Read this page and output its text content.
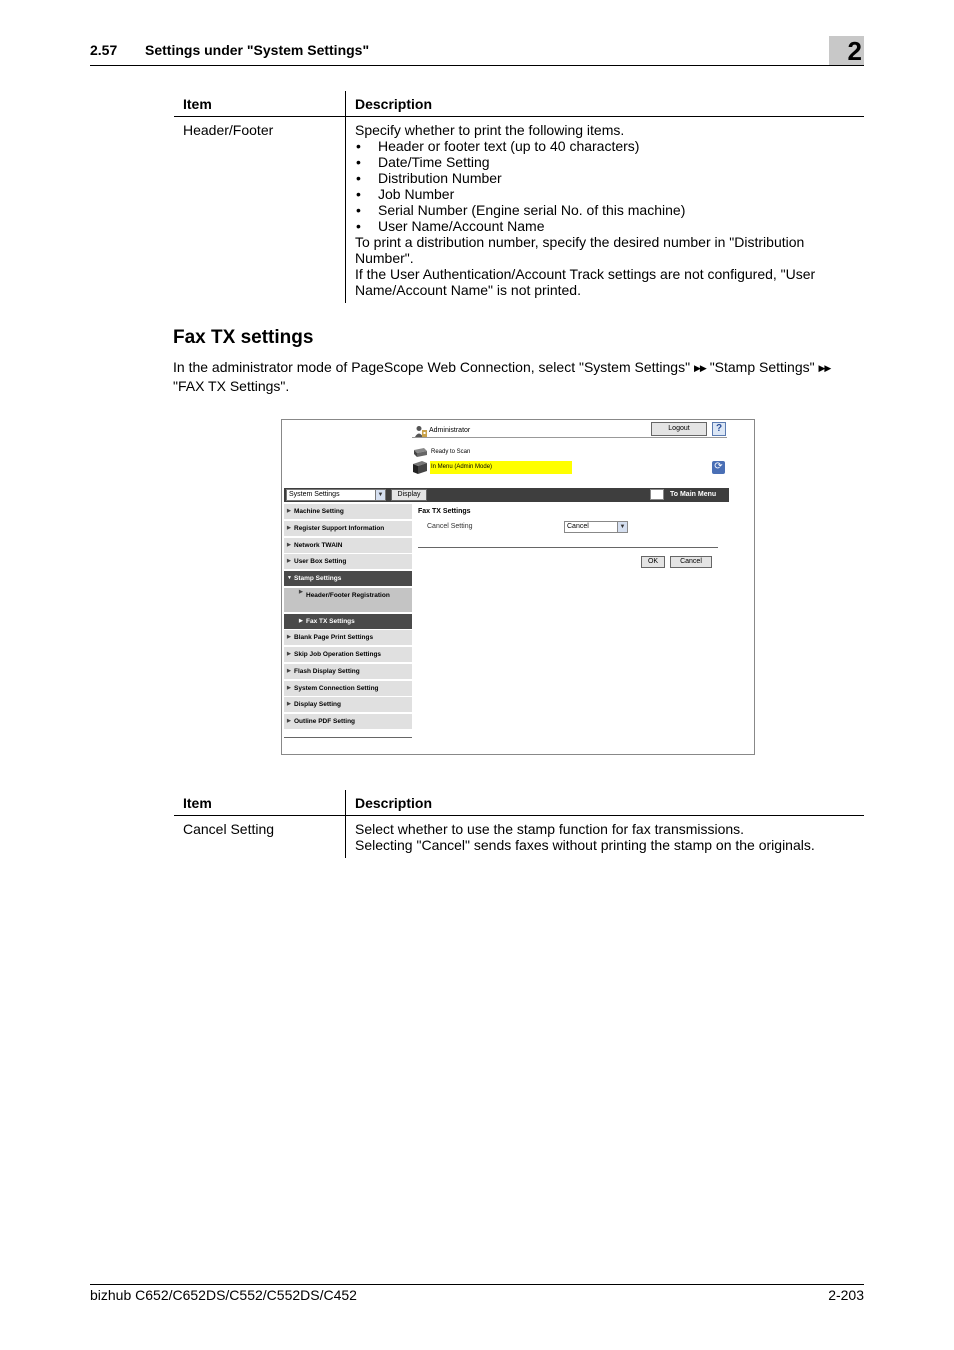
2.57 Settings under "System Settings"	2
Item	Description
Header/Footer	Specify whether to print the following items.
• Header or footer text (up to 40 characters)
• Date/Time Setting
• Distribution Number
• Job Number
• Serial Number (Engine serial No. of this machine)
• User Name/Account Name
To print a distribution number, specify the desired number in "Distribution Number".
If the User Authentication/Account Track settings are not configured, "User Name/Account Name" is not printed.
Fax TX settings
In the administrator mode of PageScope Web Connection, select "System Settings" ▶▶ "Stamp Settings" ▶▶
"FAX TX Settings".
Administrator	Logout	?
Ready to Scan
In Menu (Admin Mode)	⟳
System Settings	▼	Display	To Main Menu
▶ Machine Setting
▶ Register Support Information
▶ Network TWAIN
▶ User Box Setting
▼ Stamp Settings
▶ Header/Footer Registration
▶ Fax TX Settings
▶ Blank Page Print Settings
▶ Skip Job Operation Settings
▶ Flash Display Setting
▶ System Connection Setting
▶ Display Setting
▶ Outline PDF Setting
Fax TX Settings
Cancel Setting	Cancel	▼
OK	Cancel
Item	Description
Cancel Setting	Select whether to use the stamp function for fax transmissions.
Selecting "Cancel" sends faxes without printing the stamp on the originals.
bizhub C652/C652DS/C552/C552DS/C452	2-203
